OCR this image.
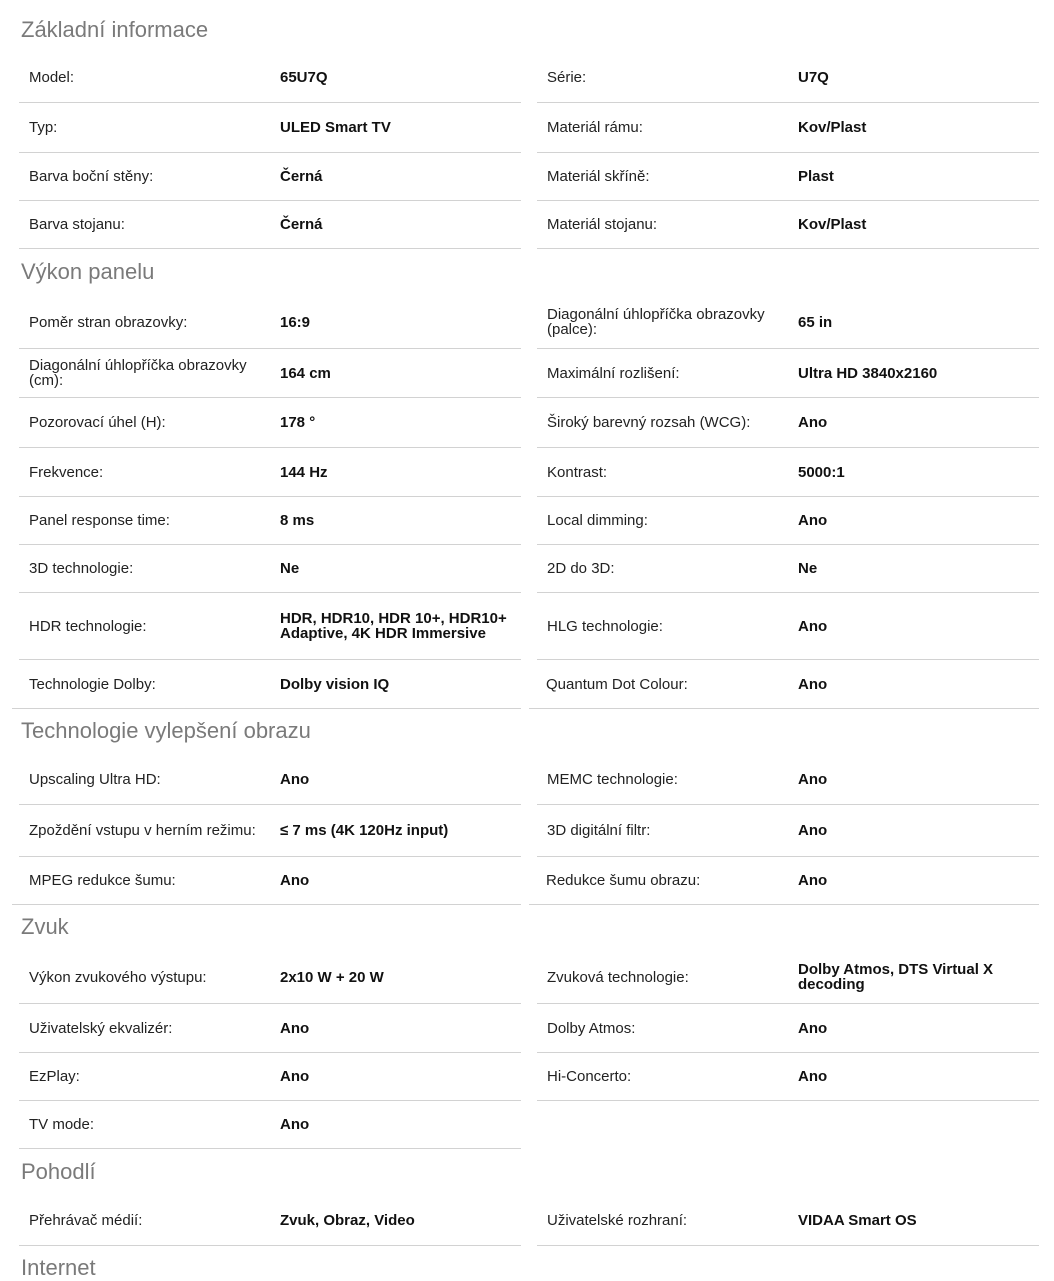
Základní informace
Model:	65U7Q	Série:	U7Q
Typ:	ULED Smart TV	Materiál rámu:	Kov/Plast
Barva boční stěny:	Černá	Materiál skříně:	Plast
Barva stojanu:	Černá	Materiál stojanu:	Kov/Plast
Výkon panelu
Poměr stran obrazovky:	16:9	Diagonální úhlopříčka obrazovky (palce):	65 in
Diagonální úhlopříčka obrazovky (cm):	164 cm	Maximální rozlišení:	Ultra HD 3840x2160
Pozorovací úhel (H):	178 °	Široký barevný rozsah (WCG):	Ano
Frekvence:	144 Hz	Kontrast:	5000:1
Panel response time:	8 ms	Local dimming:	Ano
3D technologie:	Ne	2D do 3D:	Ne
HDR technologie:	HDR, HDR10, HDR 10+, HDR10+ Adaptive, 4K HDR Immersive	HLG technologie:	Ano
Technologie Dolby:	Dolby vision IQ	Quantum Dot Colour:	Ano
Technologie vylepšení obrazu
Upscaling Ultra HD:	Ano	MEMC technologie:	Ano
Zpoždění vstupu v herním režimu:	≤ 7 ms (4K 120Hz input)	3D digitální filtr:	Ano
MPEG redukce šumu:	Ano	Redukce šumu obrazu:	Ano
Zvuk
Výkon zvukového výstupu:	2x10 W + 20 W	Zvuková technologie:	Dolby Atmos, DTS Virtual X decoding
Uživatelský ekvalizér:	Ano	Dolby Atmos:	Ano
EzPlay:	Ano	Hi-Concerto:	Ano
TV mode:	Ano
Pohodlí
Přehrávač médií:	Zvuk, Obraz, Video	Uživatelské rozhraní:	VIDAA Smart OS
Internet
